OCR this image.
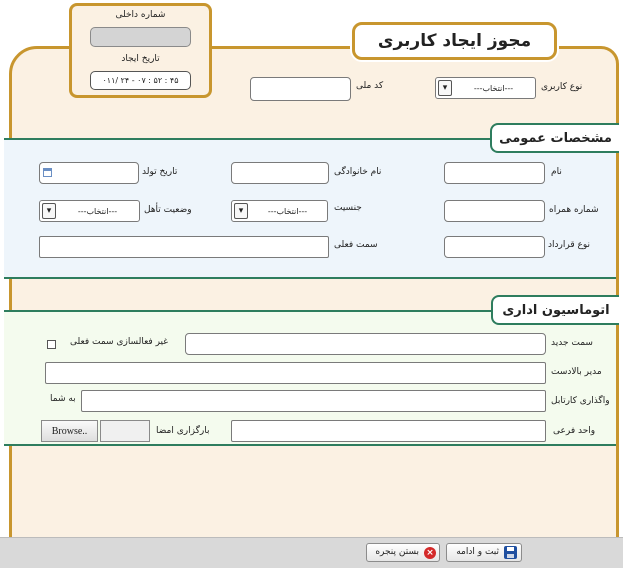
مجوز ایجاد کاربری
شماره داخلی
تاریخ ایجاد
۰۱۱/ ۲۴ - ۰۷ : ۵۲ : ۴۵
نوع کاربری
▾	---انتخاب---
کد ملی
مشخصات عمومی
نام
نام خانوادگی
تاریخ تولد
شماره همراه
جنسیت
▾	---انتخاب---
وضعیت تأهل
▾	---انتخاب---
نوع قرارداد
سمت فعلی
اتوماسیون اداری
سمت جدید
غیر فعالسازی سمت فعلی
مدیر بالادست
واگذاری کارتابل
به شما
واحد فرعی
بارگزاری امضا
Browse..
ثبت و ادامه
×
بستن پنجره
